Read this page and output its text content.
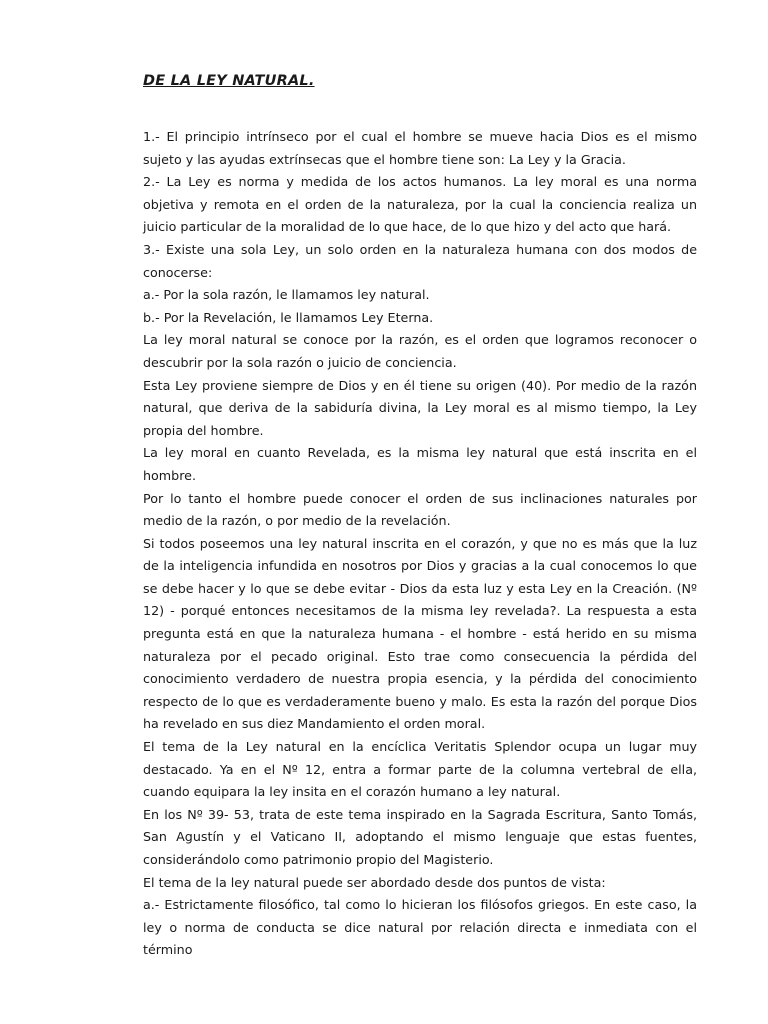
DE LA LEY NATURAL.

1.- El principio intrínseco por el cual el hombre se mueve hacia Dios es el mismo sujeto y las ayudas extrínsecas que el hombre tiene son: La Ley y la Gracia.

2.- La Ley es norma y medida de los actos humanos. La ley moral es una norma objetiva y remota en el orden de la naturaleza, por la cual la conciencia realiza un juicio particular de la moralidad de lo que hace, de lo que hizo y del acto que hará.

3.- Existe una sola Ley, un solo orden en la naturaleza humana con dos modos de conocerse:

a.- Por la sola razón, le llamamos ley natural.

b.- Por la Revelación, le llamamos Ley Eterna.

La ley moral natural se conoce por la razón, es el orden que logramos reconocer o descubrir por la sola razón o juicio de conciencia.

Esta Ley proviene siempre de Dios y en él tiene su origen (40). Por medio de la razón natural, que deriva de la sabiduría divina, la Ley moral es al mismo tiempo, la Ley propia del hombre.

La ley moral en cuanto Revelada, es la misma ley natural que está inscrita en el hombre.

Por lo tanto el hombre puede conocer el orden de sus inclinaciones naturales por medio de la razón, o por medio de la revelación.

Si todos poseemos una ley natural inscrita en el corazón, y que no es más que la luz de la inteligencia infundida en nosotros por Dios y gracias a la cual conocemos lo que se debe hacer y lo que se debe evitar - Dios da esta luz y esta Ley en la Creación. (Nº 12) - porqué entonces necesitamos de la misma ley revelada?. La respuesta a esta pregunta está en que la naturaleza humana - el hombre - está herido en su misma naturaleza por el pecado original. Esto trae como consecuencia la pérdida del conocimiento verdadero de nuestra propia esencia, y la pérdida del conocimiento respecto de lo que es verdaderamente bueno y malo. Es esta la razón del porque Dios ha revelado en sus diez Mandamiento el orden moral.

El tema de la Ley natural en la encíclica Veritatis Splendor ocupa un lugar muy destacado. Ya en el Nº 12, entra a formar parte de la columna vertebral de ella, cuando equipara la ley insita en el corazón humano a ley natural.

En los Nº 39- 53, trata de este tema inspirado en la Sagrada Escritura, Santo Tomás, San Agustín y el Vaticano II, adoptando el mismo lenguaje que estas fuentes, considerándolo como patrimonio propio del Magisterio.

El tema de la ley natural puede ser abordado desde dos puntos de vista:

a.- Estrictamente filosófico, tal como lo hicieran los filósofos griegos. En este caso, la ley o norma de conducta se dice natural por relación directa e inmediata con el término
